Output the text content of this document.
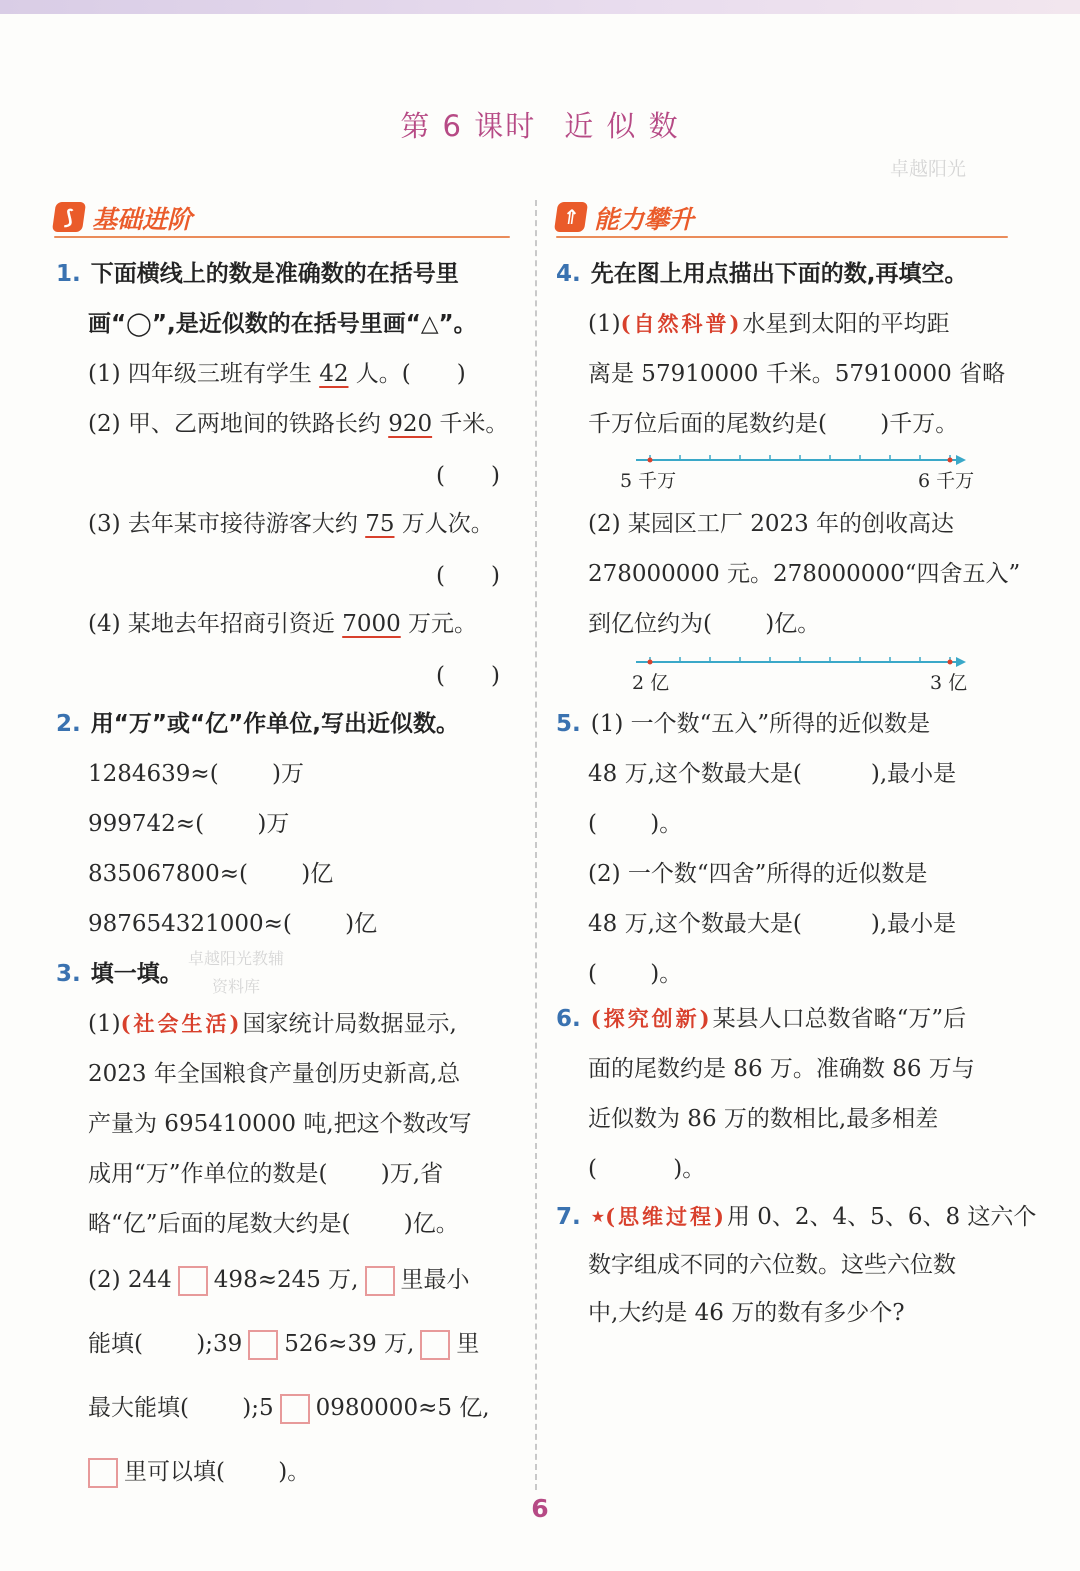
第 6 课时 近 似 数
卓越阳光
卓越阳光教辅
资料库
⟆ 基础进阶	⇑ 能力攀升
1. 下面横线上的数是准确数的在括号里
画“◯”,是近似数的在括号里画“△”。
(1) 四年级三班有学生 42 人。(　　)
(2) 甲、乙两地间的铁路长约 920 千米。
(　　)
(3) 去年某市接待游客大约 75 万人次。
(　　)
(4) 某地去年招商引资近 7000 万元。
(　　)
2. 用“万”或“亿”作单位,写出近似数。
1284639≈(　　 )万
999742≈(　　 )万
835067800≈(　　 )亿
987654321000≈(　　 )亿
3. 填一填。
(1)(社会生活)国家统计局数据显示,
2023 年全国粮食产量创历史新高,总
产量为 695410000 吨,把这个数改写
成用“万”作单位的数是(　　 )万,省
略“亿”后面的尾数大约是(　　 )亿。
(2) 244 498≈245 万, 里最小
能填(　　 );39 526≈39 万, 里
最大能填(　　 );5 0980000≈5 亿,
里可以填(　　 )。
4. 先在图上用点描出下面的数,再填空。
(1)(自然科普)水星到太阳的平均距
离是 57910000 千米。57910000 省略
千万位后面的尾数约是(　　 )千万。
5 千万	6 千万
(2) 某园区工厂 2023 年的创收高达
278000000 元。278000000“四舍五入”
到亿位约为(　　 )亿。
2 亿	3 亿
5. (1) 一个数“五入”所得的近似数是
48 万,这个数最大是(　　　),最小是
(　　 )。
(2) 一个数“四舍”所得的近似数是
48 万,这个数最大是(　　　),最小是
(　　 )。
6. (探究创新)某县人口总数省略“万”后
面的尾数约是 86 万。准确数 86 万与
近似数为 86 万的数相比,最多相差
(　　　 )。
7. ★(思维过程)用 0、2、4、5、6、8 这六个
数字组成不同的六位数。这些六位数
中,大约是 46 万的数有多少个?
6
